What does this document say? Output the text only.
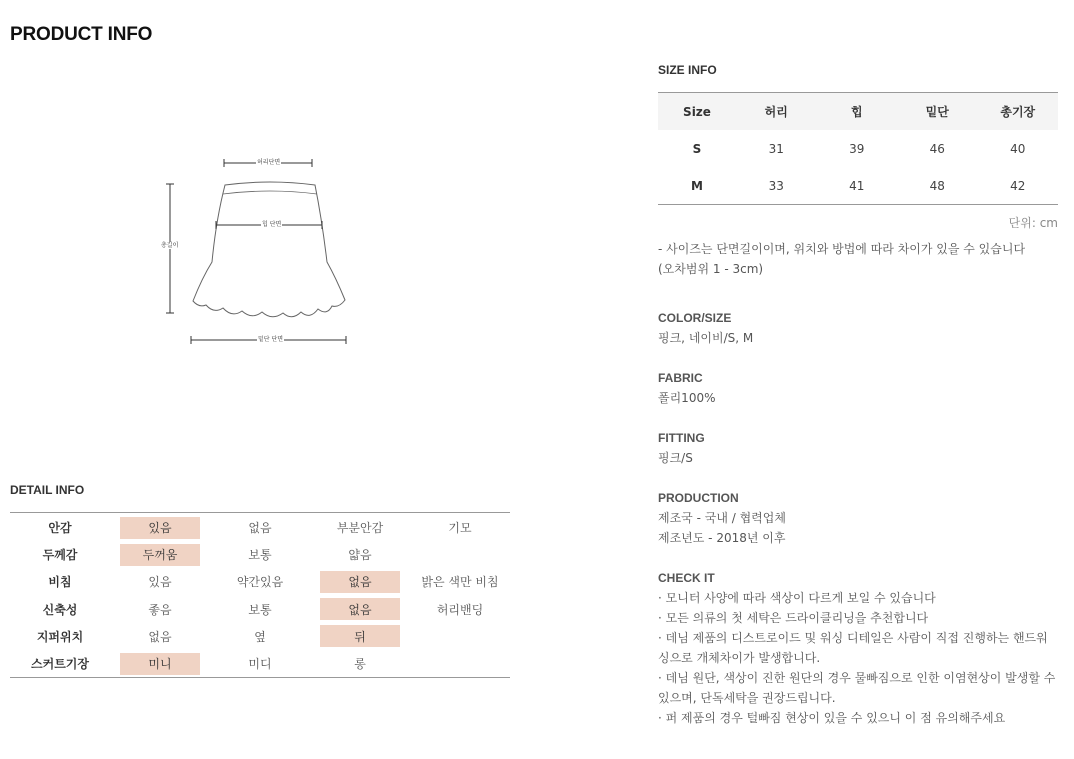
PRODUCT INFO
허리단면
힙 단면
총길이
밑단 단면
DETAIL INFO
안감	있음	없음	부분안감	기모
두께감	두꺼움	보통	얇음
비침	있음	약간있음	없음	밝은 색만 비침
신축성	좋음	보통	없음	허리밴딩
지퍼위치	없음	옆	뒤
스커트기장	미니	미디	롱
SIZE INFO
Size	허리	힙	밑단	총기장
S	31	39	46	40
M	33	41	48	42
단위: cm
- 사이즈는 단면길이이며, 위치와 방법에 따라 차이가 있을 수 있습니다
(오차범위 1 - 3cm)
COLOR/SIZE
핑크, 네이비/S, M
FABRIC
폴리100%
FITTING
핑크/S
PRODUCTION
제조국 - 국내 / 협력업체
제조년도 - 2018년 이후
CHECK IT
· 모니터 사양에 따라 색상이 다르게 보일 수 있습니다
· 모든 의류의 첫 세탁은 드라이클리닝을 추천합니다
· 데님 제품의 디스트로이드 및 워싱 디테일은 사람이 직접 진행하는 핸드워싱으로 개체차이가 발생합니다.
· 데님 원단, 색상이 진한 원단의 경우 물빠짐으로 인한 이염현상이 발생할 수 있으며, 단독세탁을 권장드립니다.
· 퍼 제품의 경우 털빠짐 현상이 있을 수 있으니 이 점 유의해주세요
